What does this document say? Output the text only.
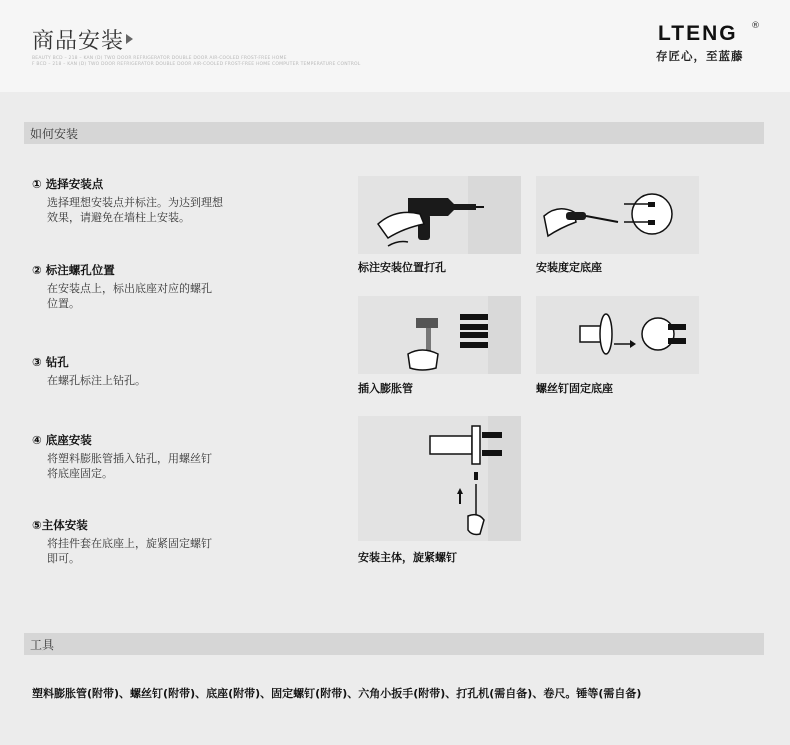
商品安装
BEAUTY BCD – 218 – KAN (D) TWO DOOR REFRIGERATOR DOUBLE DOOR AIR-COOLED FROST-FREE HOME
F BCD – 218 – KAN (D) TWO DOOR REFRIGERATOR DOUBLE DOOR AIR-COOLED FROST-FREE HOME COMPUTER TEMPERATURE CONTROL
LTENG ®
存匠心，至蓝藤
如何安装
① 选择安装点
选择理想安装点并标注。为达到理想
效果，请避免在墙柱上安装。
② 标注螺孔位置
在安装点上，标出底座对应的螺孔
位置。
③ 钻孔
在螺孔标注上钻孔。
④ 底座安装
将塑料膨胀管插入钻孔，用螺丝钉
将底座固定。
⑤主体安装
将挂件套在底座上，旋紧固定螺钉
即可。
标注安装位置打孔	安装度定底座
插入膨胀管	螺丝钉固定底座
安装主体，旋紧螺钉
工具
塑料膨胀管(附带)、螺丝钉(附带)、底座(附带)、固定螺钉(附带)、六角小扳手(附带)、打孔机(需自备)、卷尺。锤等(需自备)
